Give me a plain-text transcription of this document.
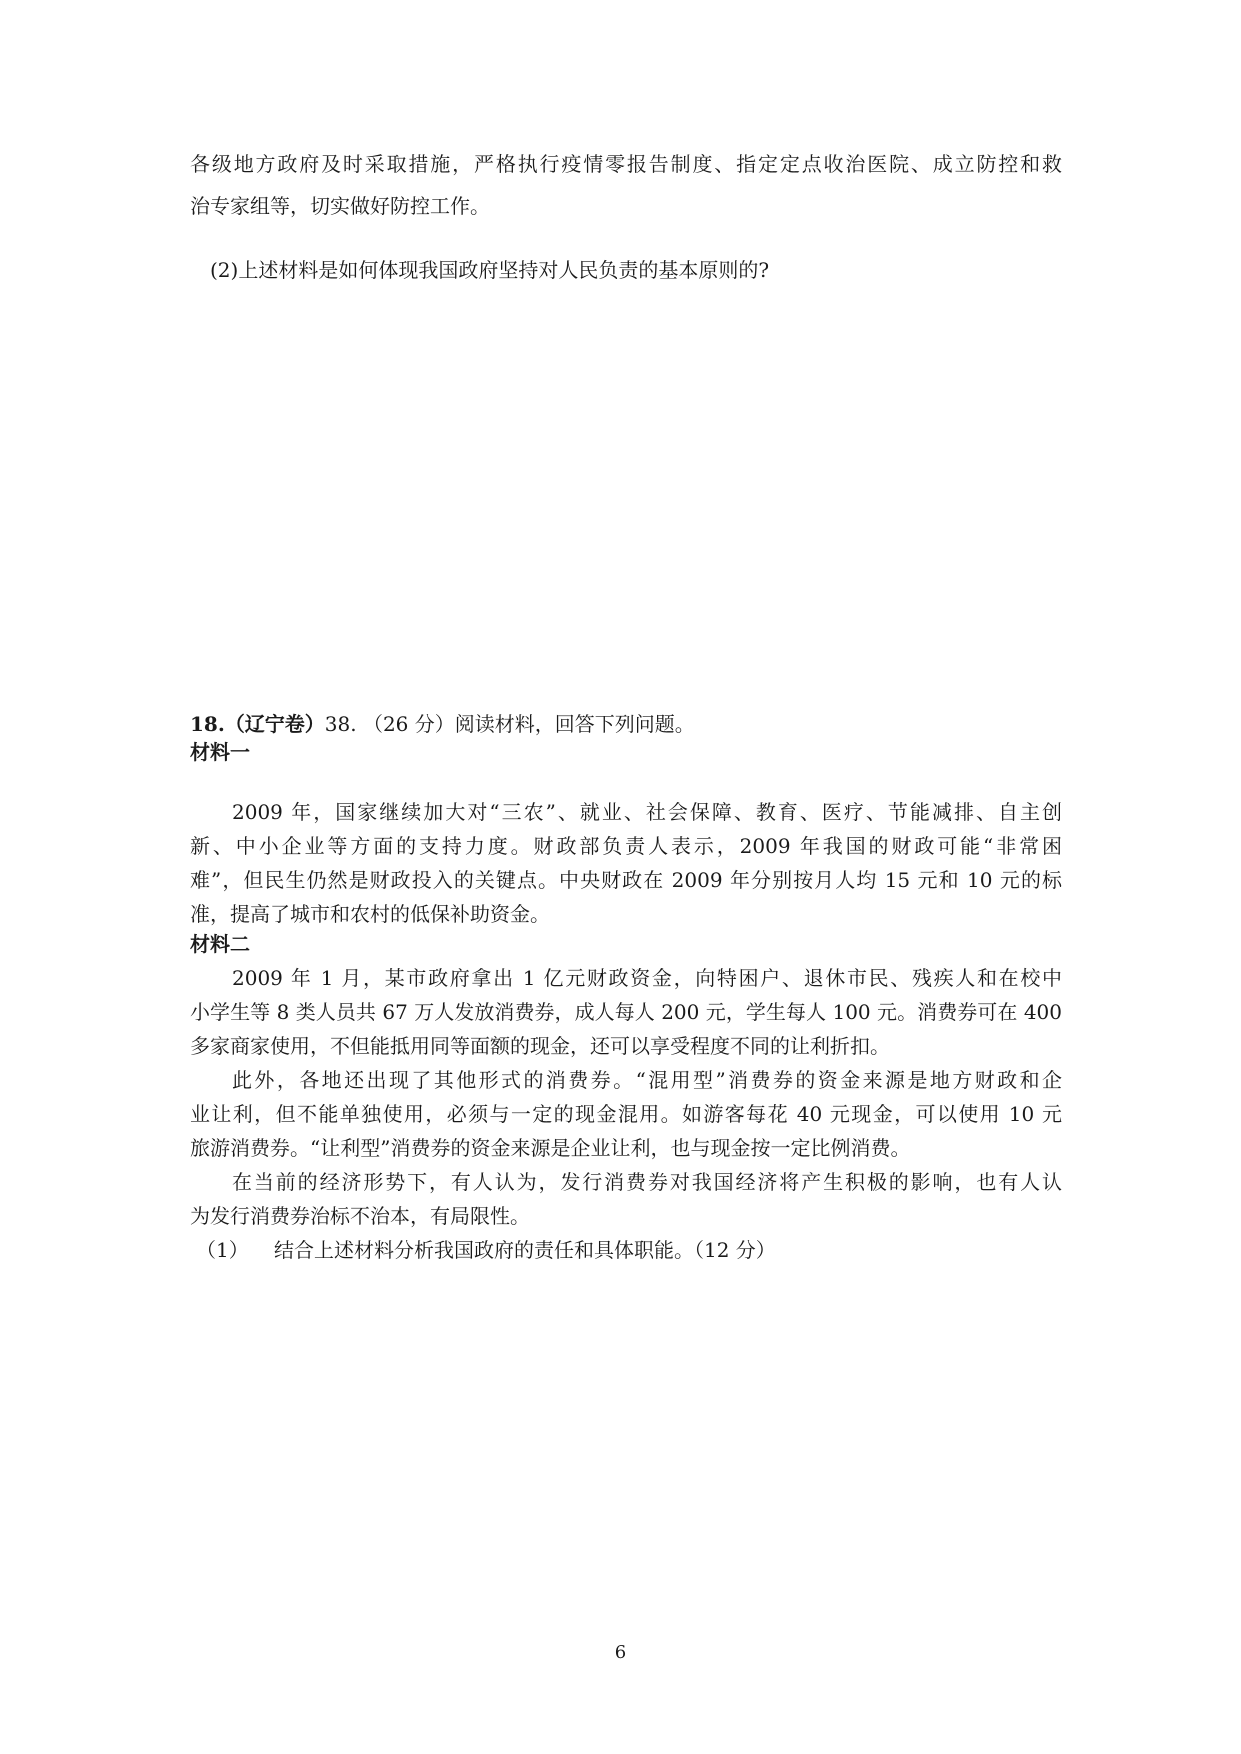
各级地方政府及时采取措施，严格执行疫情零报告制度、指定定点收治医院、成立防控和救
治专家组等，切实做好防控工作。
(2)上述材料是如何体现我国政府坚持对人民负责的基本原则的?
18.（辽宁卷）38. （26 分）阅读材料，回答下列问题。
材料一
2009 年，国家继续加大对“三农”、就业、社会保障、教育、医疗、节能减排、自主创
新、中小企业等方面的支持力度。财政部负责人表示，2009 年我国的财政可能“非常困
难”，但民生仍然是财政投入的关键点。中央财政在 2009 年分别按月人均 15 元和 10 元的标
准，提高了城市和农村的低保补助资金。
材料二
2009 年 1 月，某市政府拿出 1 亿元财政资金，向特困户、退休市民、残疾人和在校中
小学生等 8 类人员共 67 万人发放消费券，成人每人 200 元，学生每人 100 元。消费券可在 400
多家商家使用，不但能抵用同等面额的现金，还可以享受程度不同的让利折扣。
此外，各地还出现了其他形式的消费券。“混用型”消费券的资金来源是地方财政和企
业让利，但不能单独使用，必须与一定的现金混用。如游客每花 40 元现金，可以使用 10 元
旅游消费券。“让利型”消费券的资金来源是企业让利，也与现金按一定比例消费。
在当前的经济形势下，有人认为，发行消费券对我国经济将产生积极的影响，也有人认
为发行消费券治标不治本，有局限性。
（1） 结合上述材料分析我国政府的责任和具体职能。（12 分）
6
